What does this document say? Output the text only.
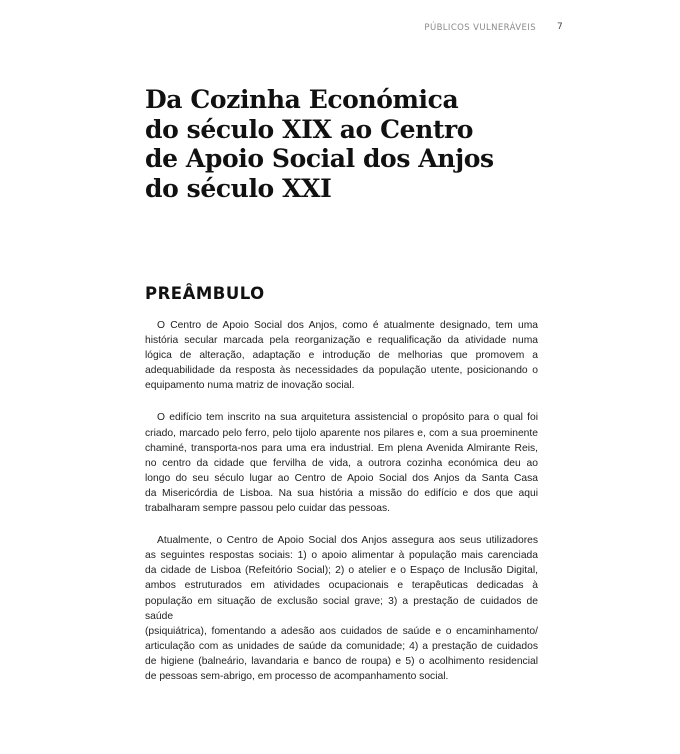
PÚBLICOS VULNERÁVEIS 7
Da Cozinha Económica
do século XIX ao Centro
de Apoio Social dos Anjos
do século XXI
PREÂMBULO

O Centro de Apoio Social dos Anjos, como é atualmente designado, tem uma
história secular marcada pela reorganização e requalificação da atividade numa
lógica de alteração, adaptação e introdução de melhorias que promovem a
adequabilidade da resposta às necessidades da população utente, posicionando o
equipamento numa matriz de inovação social.

O edifício tem inscrito na sua arquitetura assistencial o propósito para o qual foi
criado, marcado pelo ferro, pelo tijolo aparente nos pilares e, com a sua proeminente
chaminé, transporta-nos para uma era industrial. Em plena Avenida Almirante Reis,
no centro da cidade que fervilha de vida, a outrora cozinha económica deu ao
longo do seu século lugar ao Centro de Apoio Social dos Anjos da Santa Casa
da Misericórdia de Lisboa. Na sua história a missão do edifício e dos que aqui
trabalharam sempre passou pelo cuidar das pessoas.

Atualmente, o Centro de Apoio Social dos Anjos assegura aos seus utilizadores
as seguintes respostas sociais: 1) o apoio alimentar à população mais carenciada
da cidade de Lisboa (Refeitório Social); 2) o atelier e o Espaço de Inclusão Digital,
ambos estruturados em atividades ocupacionais e terapêuticas dedicadas à
população em situação de exclusão social grave; 3) a prestação de cuidados de saúde
(psiquiátrica), fomentando a adesão aos cuidados de saúde e o encaminhamento/
articulação com as unidades de saúde da comunidade; 4) a prestação de cuidados
de higiene (balneário, lavandaria e banco de roupa) e 5) o acolhimento residencial
de pessoas sem-abrigo, em processo de acompanhamento social.
